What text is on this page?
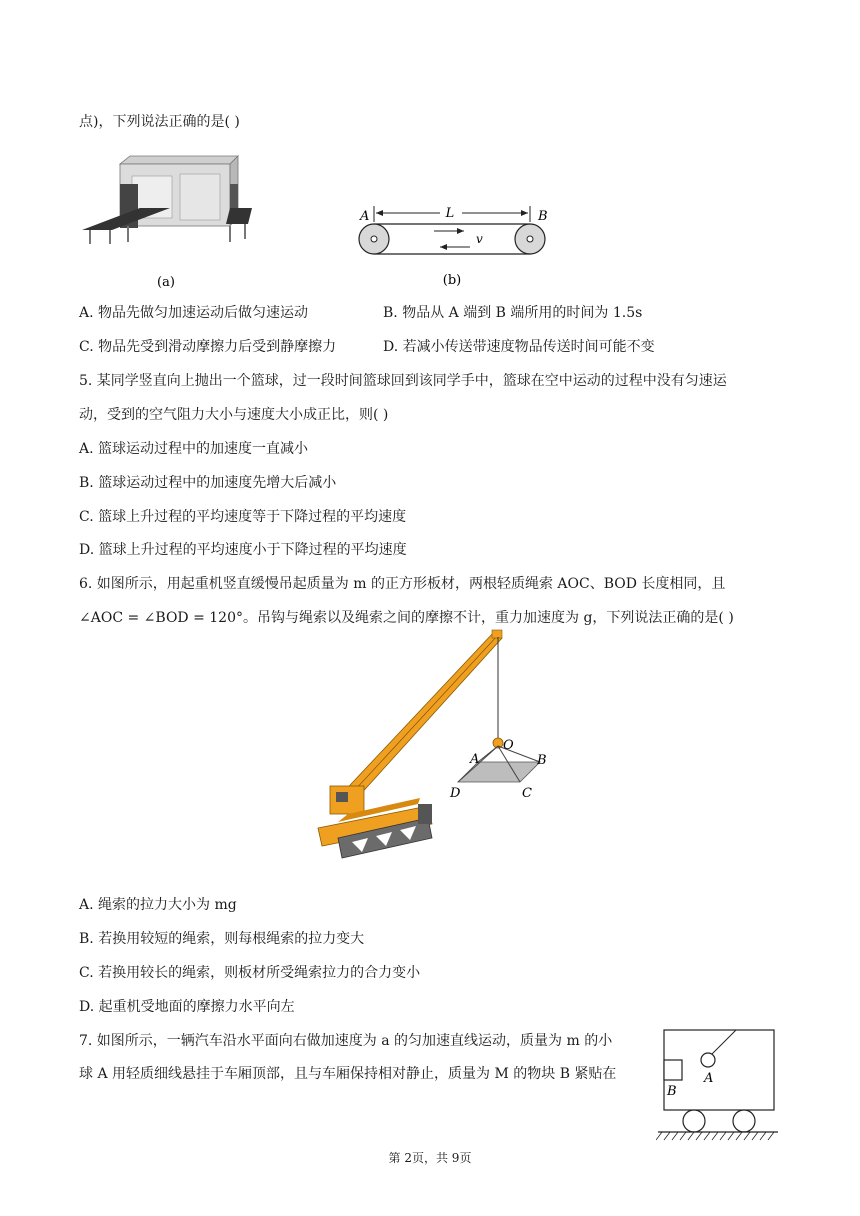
点)，下列说法正确的是( )
(a)
A	B
L
v
(b)
A. 物品先做匀加速运动后做匀速运动	B. 物品从 A 端到 B 端所用的时间为 1.5s
C. 物品先受到滑动摩擦力后受到静摩擦力	D. 若减小传送带速度物品传送时间可能不变
5. 某同学竖直向上抛出一个篮球，过一段时间篮球回到该同学手中，篮球在空中运动的过程中没有匀速运
动，受到的空气阻力大小与速度大小成正比，则( )
A. 篮球运动过程中的加速度一直减小
B. 篮球运动过程中的加速度先增大后减小
C. 篮球上升过程的平均速度等于下降过程的平均速度
D. 篮球上升过程的平均速度小于下降过程的平均速度
6. 如图所示，用起重机竖直缓慢吊起质量为 m 的正方形板材，两根轻质绳索 AOC、BOD 长度相同，且
∠AOC = ∠BOD = 120°。吊钩与绳索以及绳索之间的摩擦不计，重力加速度为 g，下列说法正确的是( )
O
A	B
C
D
A. 绳索的拉力大小为 mg
B. 若换用较短的绳索，则每根绳索的拉力变大
C. 若换用较长的绳索，则板材所受绳索拉力的合力变小
D. 起重机受地面的摩擦力水平向左
7. 如图所示，一辆汽车沿水平面向右做加速度为 a 的匀加速直线运动，质量为 m 的小
球 A 用轻质细线悬挂于车厢顶部，且与车厢保持相对静止，质量为 M 的物块 B 紧贴在	A
B
第 2页，共 9页
